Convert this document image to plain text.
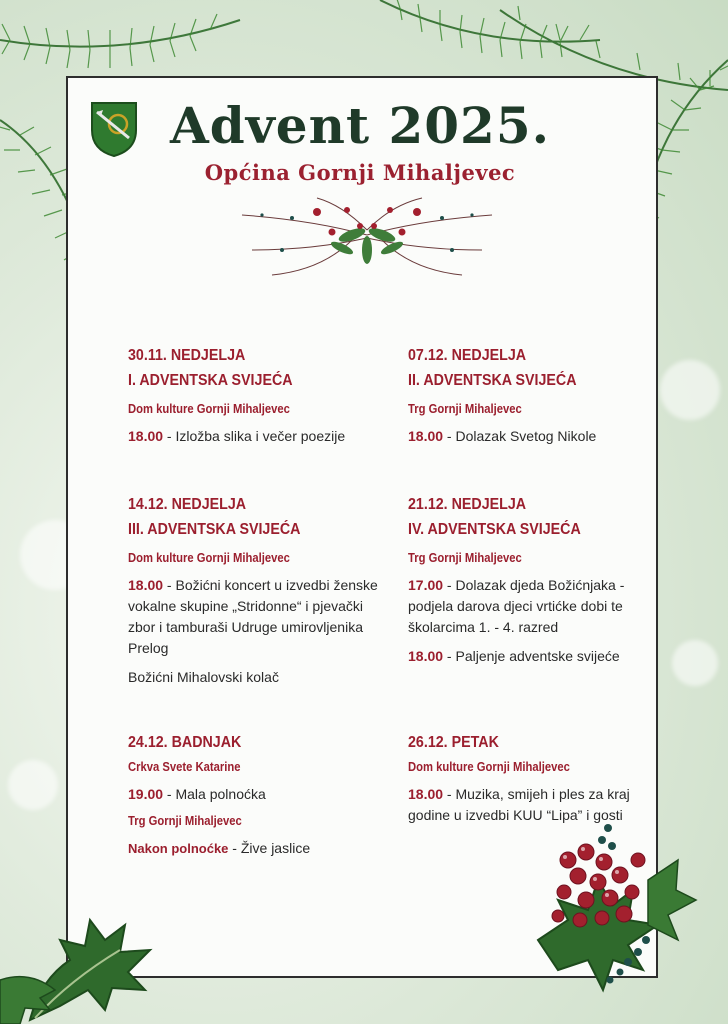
Advent 2025.
Općina Gornji Mihaljevec
30.11. NEDJELJA
I. ADVENTSKA SVIJEĆA
Dom kulture Gornji Mihaljevec
18.00 - Izložba slika i večer poezije
07.12. NEDJELJA
II. ADVENTSKA SVIJEĆA
Trg Gornji Mihaljevec
18.00 - Dolazak Svetog Nikole
14.12. NEDJELJA
III. ADVENTSKA SVIJEĆA
Dom kulture Gornji Mihaljevec
18.00 - Božićni koncert u izvedbi ženske vokalne skupine „Stridonne“ i pjevački zbor i tamburaši Udruge umirovljenika Prelog
Božićni Mihalovski kolač
21.12. NEDJELJA
IV. ADVENTSKA SVIJEĆA
Trg Gornji Mihaljevec
17.00 - Dolazak djeda Božićnjaka - podjela darova djeci vrtićke dobi te školarcima 1. - 4. razred
18.00 - Paljenje adventske svijeće
24.12. BADNJAK
Crkva Svete Katarine
19.00 - Mala polnoćka
Trg Gornji Mihaljevec
Nakon polnoćke - Žive jaslice
26.12. PETAK
Dom kulture Gornji Mihaljevec
18.00 - Muzika, smijeh i ples za kraj godine u izvedbi KUU “Lipa” i gosti
